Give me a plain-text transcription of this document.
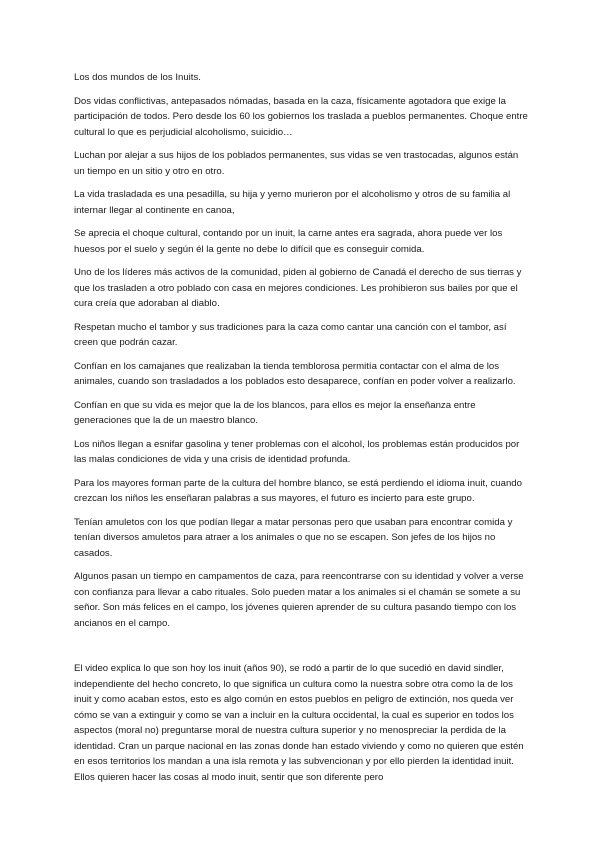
Los dos mundos de los Inuits.

Dos vidas conflictivas, antepasados nómadas, basada en la caza, físicamente agotadora que exige la participación de todos. Pero desde los 60 los gobiernos los traslada a pueblos permanentes. Choque entre cultural lo que es perjudicial alcoholismo, suicidio…

Luchan por alejar a sus hijos de los poblados permanentes, sus vidas se ven trastocadas, algunos están un tiempo en un sitio y otro en otro.

La vida trasladada es una pesadilla, su hija y yerno murieron por el alcoholismo y otros de su familia al internar llegar al continente en canoa,

Se aprecia el choque cultural, contando por un inuit, la carne antes era sagrada, ahora puede ver los huesos por el suelo y según él la gente no debe lo difícil que es conseguir comida.

Uno de los líderes más activos de la comunidad, piden al gobierno de Canadá el derecho de sus tierras y que los trasladen a otro poblado con casa en mejores condiciones. Les prohibieron sus bailes por que el cura creía que adoraban al diablo.

Respetan mucho el tambor y sus tradiciones para la caza como cantar una canción con el tambor, así creen que podrán cazar.

Confían en los camajanes que realizaban la tienda temblorosa permitía contactar con el alma de los animales, cuando son trasladados a los poblados esto desaparece, confían en poder volver a realizarlo.

Confían en que su vida es mejor que la de los blancos, para ellos es mejor la enseñanza entre generaciones que la de un maestro blanco.

Los niños llegan a esnifar gasolina y tener problemas con el alcohol, los problemas están producidos por las malas condiciones de vida y una crisis de identidad profunda.

Para los mayores forman parte de la cultura del hombre blanco, se está perdiendo el idioma inuit, cuando crezcan los niños les enseñaran palabras a sus mayores, el futuro es incierto para este grupo.

Tenían amuletos con los que podían llegar a matar personas pero que usaban para encontrar comida y tenían diversos amuletos para atraer a los animales o que no se escapen. Son jefes de los hijos no casados.

Algunos pasan un tiempo en campamentos de caza, para reencontrarse con su identidad y volver a verse con confianza para llevar a cabo rituales. Solo pueden matar a los animales si el chamán se somete a su señor. Son más felices en el campo, los jóvenes quieren aprender de su cultura pasando tiempo con los ancianos en el campo.

El video explica lo que son hoy los inuit (años 90), se rodó a partir de lo que sucedió en david sindler, independiente del hecho concreto, lo que significa un cultura como la nuestra sobre otra como la de los inuit y como acaban estos, esto es algo común en estos pueblos en peligro de extinción, nos queda ver cómo se van a extinguir y como se van a incluir en la cultura occidental, la cual es superior en todos los aspectos (moral no) preguntarse moral de nuestra cultura superior y no menospreciar la perdida de la identidad. Cran un parque nacional en las zonas donde han estado viviendo y como no quieren que estén en esos territorios los mandan a una isla remota y las subvencionan y por ello pierden la identidad inuit. Ellos quieren hacer las cosas al modo inuit, sentir que son diferente pero
